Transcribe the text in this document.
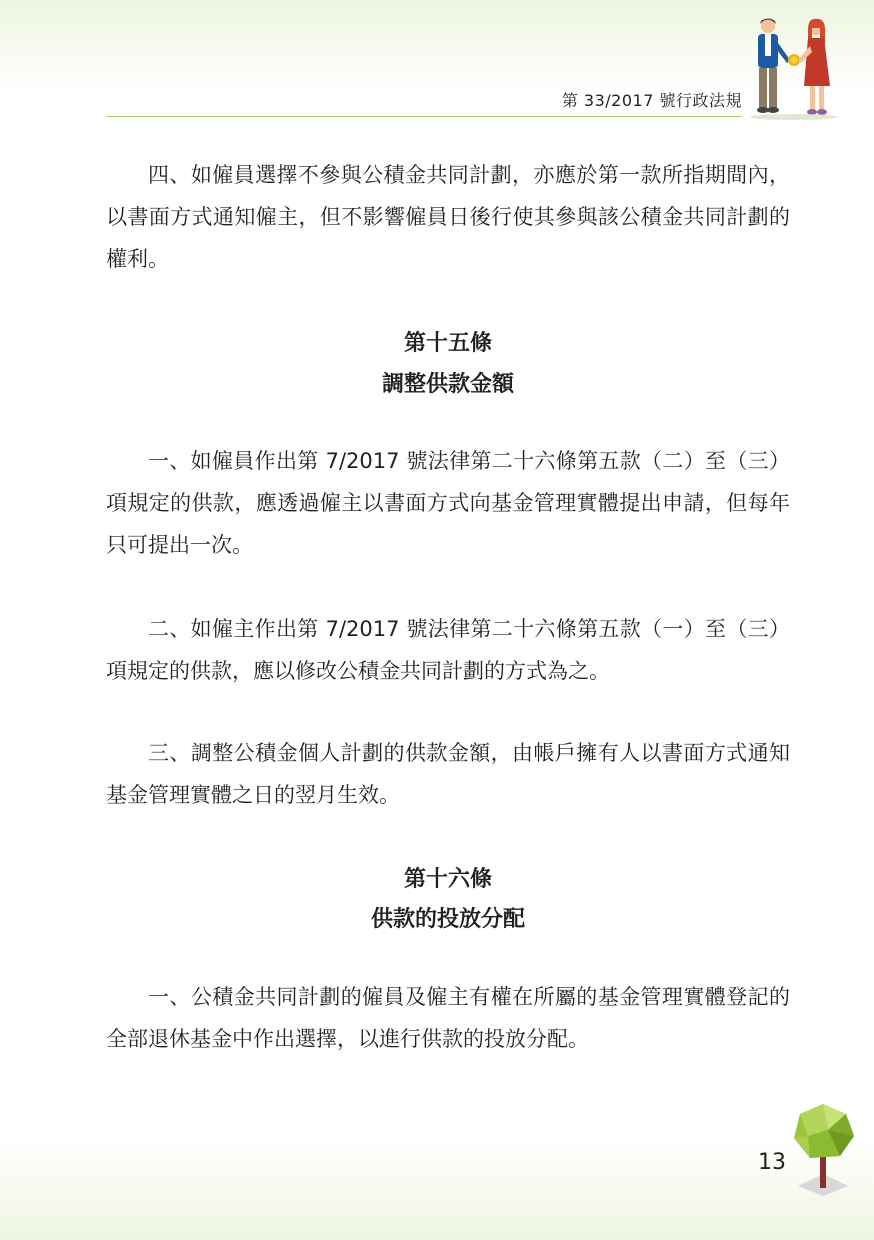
第 33/2017 號行政法規

四、如僱員選擇不參與公積金共同計劃，亦應於第一款所指期間內，以書面方式通知僱主，但不影響僱員日後行使其參與該公積金共同計劃的權利。

第十五條
調整供款金額

一、如僱員作出第 7/2017 號法律第二十六條第五款（二）至（三）項規定的供款，應透過僱主以書面方式向基金管理實體提出申請，但每年只可提出一次。

二、如僱主作出第 7/2017 號法律第二十六條第五款（一）至（三）項規定的供款，應以修改公積金共同計劃的方式為之。

三、調整公積金個人計劃的供款金額，由帳戶擁有人以書面方式通知基金管理實體之日的翌月生效。

第十六條
供款的投放分配

一、公積金共同計劃的僱員及僱主有權在所屬的基金管理實體登記的全部退休基金中作出選擇，以進行供款的投放分配。

13
